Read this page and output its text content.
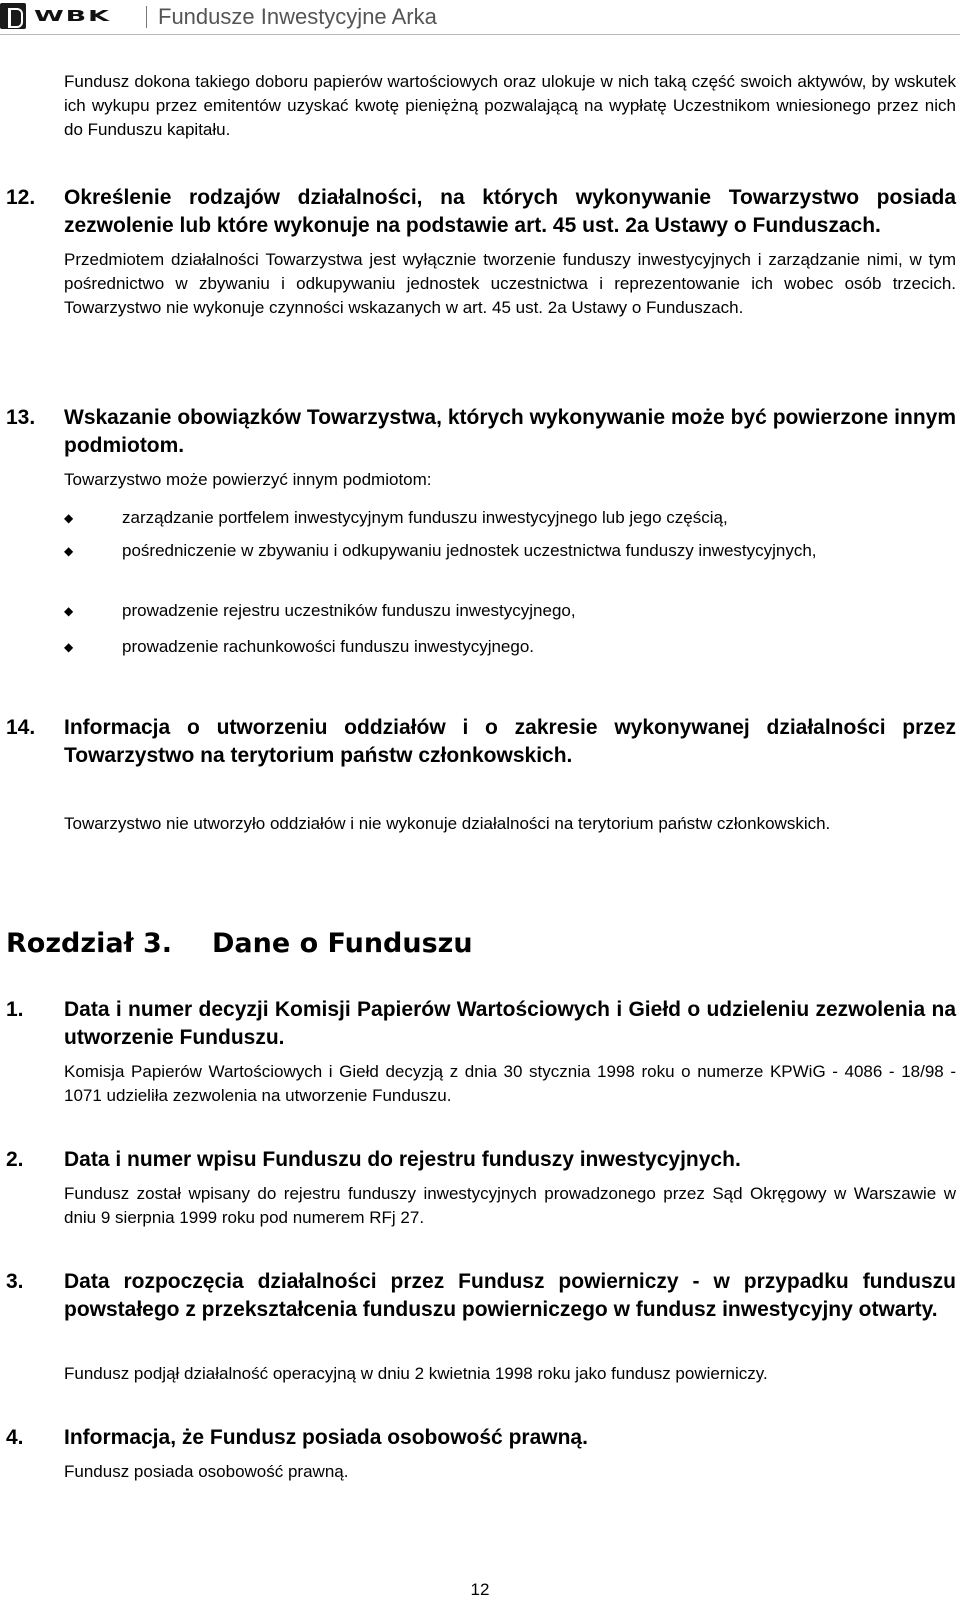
WBK Fundusze Inwestycyjne Arka
Fundusz dokona takiego doboru papierów wartościowych oraz ulokuje w nich taką część swoich aktywów, by wskutek ich wykupu przez emitentów uzyskać kwotę pieniężną pozwalającą na wypłatę Uczestnikom wniesionego przez nich do Funduszu kapitału.
12. Określenie rodzajów działalności, na których wykonywanie Towarzystwo posiada zezwolenie lub które wykonuje na podstawie art. 45 ust. 2a Ustawy o Funduszach.
Przedmiotem działalności Towarzystwa jest wyłącznie tworzenie funduszy inwestycyjnych i zarządzanie nimi, w tym pośrednictwo w zbywaniu i odkupywaniu jednostek uczestnictwa i reprezentowanie ich wobec osób trzecich. Towarzystwo nie wykonuje czynności wskazanych w art. 45 ust. 2a Ustawy o Funduszach.
13. Wskazanie obowiązków Towarzystwa, których wykonywanie może być powierzone innym podmiotom.
Towarzystwo może powierzyć innym podmiotom:
◆	zarządzanie portfelem inwestycyjnym funduszu inwestycyjnego lub jego częścią,
◆	pośredniczenie w zbywaniu i odkupywaniu jednostek uczestnictwa funduszy inwestycyjnych,
◆	prowadzenie rejestru uczestników funduszu inwestycyjnego,
◆	prowadzenie rachunkowości funduszu inwestycyjnego.
14. Informacja o utworzeniu oddziałów i o zakresie wykonywanej działalności przez Towarzystwo na terytorium państw członkowskich.
Towarzystwo nie utworzyło oddziałów i nie wykonuje działalności na terytorium państw członkowskich.
Rozdział 3. Dane o Funduszu
1. Data i numer decyzji Komisji Papierów Wartościowych i Giełd o udzieleniu zezwolenia na utworzenie Funduszu.
Komisja Papierów Wartościowych i Giełd decyzją z dnia 30 stycznia 1998 roku o numerze KPWiG - 4086 - 18/98 - 1071 udzieliła zezwolenia na utworzenie Funduszu.
2. Data i numer wpisu Funduszu do rejestru funduszy inwestycyjnych.
Fundusz został wpisany do rejestru funduszy inwestycyjnych prowadzonego przez Sąd Okręgowy w Warszawie w dniu 9 sierpnia 1999 roku pod numerem RFj 27.
3. Data rozpoczęcia działalności przez Fundusz powierniczy - w przypadku funduszu powstałego z przekształcenia funduszu powierniczego w fundusz inwestycyjny otwarty.
Fundusz podjął działalność operacyjną w dniu 2 kwietnia 1998 roku jako fundusz powierniczy.
4. Informacja, że Fundusz posiada osobowość prawną.
Fundusz posiada osobowość prawną.
12
